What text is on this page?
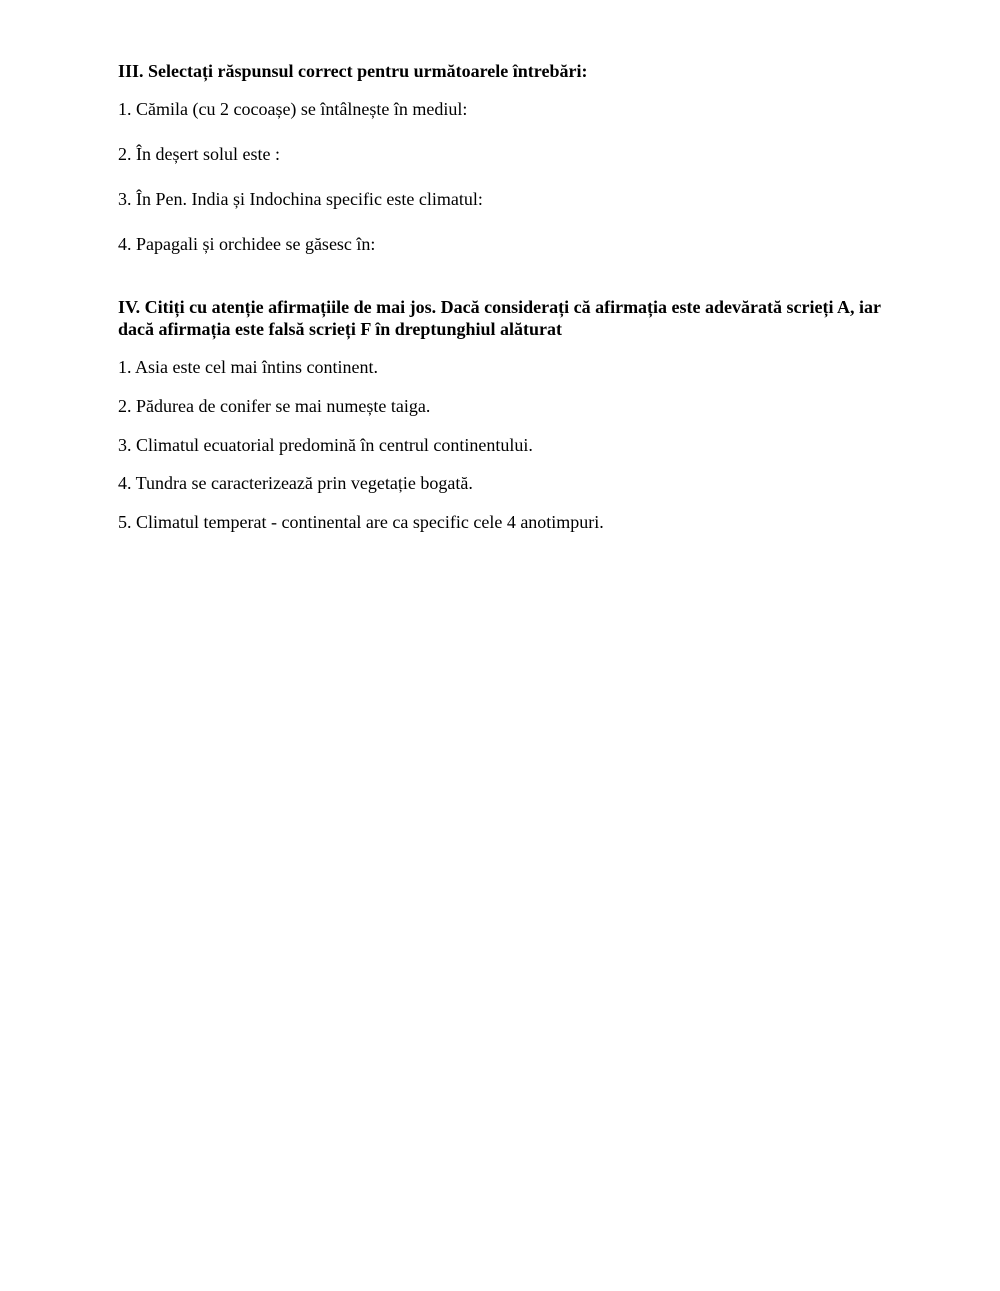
III. Selectați răspunsul correct pentru următoarele întrebări:
1. Cămila (cu 2 cocoașe) se întâlnește în mediul:
2. În deșert solul este :
3. În Pen. India și Indochina specific este climatul:
4. Papagali și orchidee se găsesc în:
IV. Citiți cu atenție afirmațiile de mai jos. Dacă considerați că afirmația este adevărată scrieți A, iar
dacă afirmația este falsă scrieți F în dreptunghiul alăturat
1. Asia este cel mai întins continent.
2. Pădurea de conifer se mai numește taiga.
3. Climatul ecuatorial predomină în centrul continentului.
4. Tundra se caracterizează prin vegetație bogată.
5. Climatul temperat - continental are ca specific cele 4 anotimpuri.
